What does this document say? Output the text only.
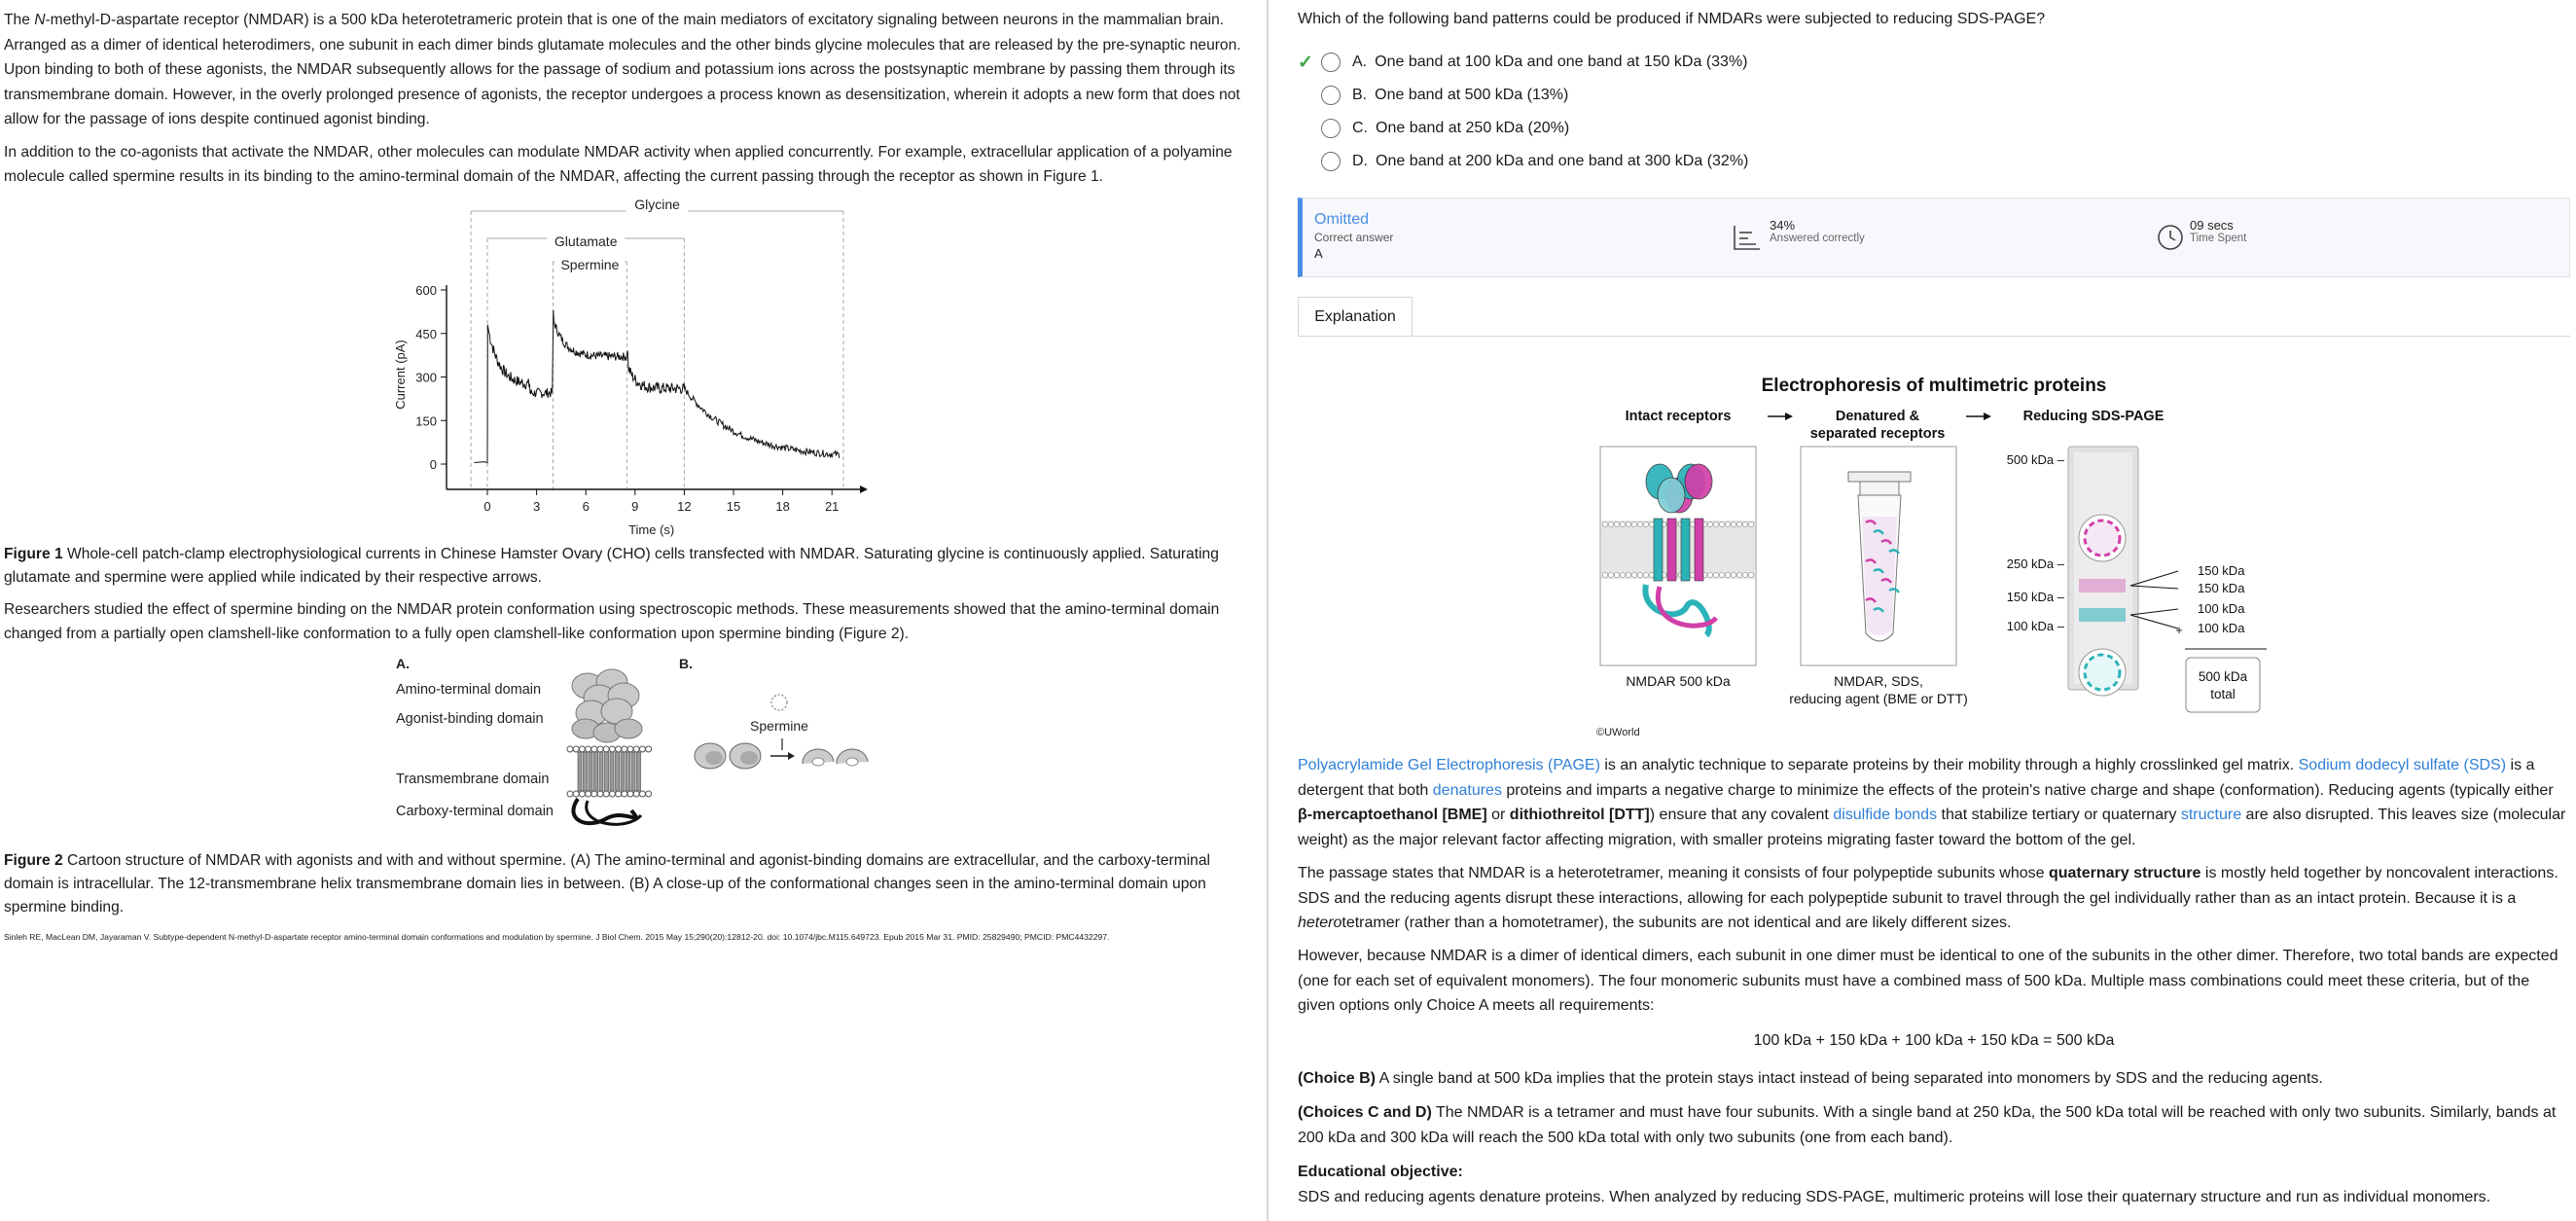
The N-methyl-D-aspartate receptor (NMDAR) is a 500 kDa heterotetrameric protein that is one of the main mediators of excitatory signaling between neurons in the mammalian brain. Arranged as a dimer of identical heterodimers, one subunit in each dimer binds glutamate molecules and the other binds glycine molecules that are released by the pre-synaptic neuron. Upon binding to both of these agonists, the NMDAR subsequently allows for the passage of sodium and potassium ions across the postsynaptic membrane by passing them through its transmembrane domain. However, in the overly prolonged presence of agonists, the receptor undergoes a process known as desensitization, wherein it adopts a new form that does not allow for the passage of ions despite continued agonist binding.

In addition to the co-agonists that activate the NMDAR, other molecules can modulate NMDAR activity when applied concurrently. For example, extracellular application of a polyamine molecule called spermine results in its binding to the amino-terminal domain of the NMDAR, affecting the current passing through the receptor as shown in Figure 1.

Glycine
Glutamate
Spermine
0	3	6	9	12	15	18	21
0
150
300
450
600
Time (s)
Current (pA)

Figure 1 Whole-cell patch-clamp electrophysiological currents in Chinese Hamster Ovary (CHO) cells transfected with NMDAR. Saturating glycine is continuously applied. Saturating glutamate and spermine were applied while indicated by their respective arrows.

Researchers studied the effect of spermine binding on the NMDAR protein conformation using spectroscopic methods. These measurements showed that the amino-terminal domain changed from a partially open clamshell-like conformation to a fully open clamshell-like conformation upon spermine binding (Figure 2).

A.	B.
Amino-terminal domain
Agonist-binding domain
Transmembrane domain
Carboxy-terminal domain
Spermine

Figure 2 Cartoon structure of NMDAR with agonists and with and without spermine. (A) The amino-terminal and agonist-binding domains are extracellular, and the carboxy-terminal domain is intracellular. The 12-transmembrane helix transmembrane domain lies in between. (B) A close-up of the conformational changes seen in the amino-terminal domain upon spermine binding.

Sinleh RE, MacLean DM, Jayaraman V. Subtype-dependent N-methyl-D-aspartate receptor amino-terminal domain conformations and modulation by spermine. J Biol Chem. 2015 May 15;290(20):12812-20. doi: 10.1074/jbc.M115.649723. Epub 2015 Mar 31. PMID: 25829490; PMCID: PMC4432297.

Which of the following band patterns could be produced if NMDARs were subjected to reducing SDS-PAGE?
✓	A. One band at 100 kDa and one band at 150 kDa (33%)
B. One band at 500 kDa (13%)
C. One band at 250 kDa (20%)
D. One band at 200 kDa and one band at 300 kDa (32%)
Omitted
Correct answer
A
34%
Answered correctly
09 secs
Time Spent
Explanation
Electrophoresis of multimetric proteins
Intact receptors	Denatured &
separated receptors
Reducing SDS-PAGE
NMDAR 500 kDa	NMDAR, SDS,
reducing agent (BME or DTT)
500 kDa –
250 kDa –
150 kDa –
100 kDa –
150 kDa
150 kDa
100 kDa
100 kDa
+
500 kDa
total
©UWorld
Polyacrylamide Gel Electrophoresis (PAGE) is an analytic technique to separate proteins by their mobility through a highly crosslinked gel matrix. Sodium dodecyl sulfate (SDS) is a detergent that both denatures proteins and imparts a negative charge to minimize the effects of the protein's native charge and shape (conformation). Reducing agents (typically either β-mercaptoethanol [BME] or dithiothreitol [DTT]) ensure that any covalent disulfide bonds that stabilize tertiary or quaternary structure are also disrupted. This leaves size (molecular weight) as the major relevant factor affecting migration, with smaller proteins migrating faster toward the bottom of the gel.
The passage states that NMDAR is a heterotetramer, meaning it consists of four polypeptide subunits whose quaternary structure is mostly held together by noncovalent interactions. SDS and the reducing agents disrupt these interactions, allowing for each polypeptide subunit to travel through the gel individually rather than as an intact protein. Because it is a heterotetramer (rather than a homotetramer), the subunits are not identical and are likely different sizes.
However, because NMDAR is a dimer of identical dimers, each subunit in one dimer must be identical to one of the subunits in the other dimer. Therefore, two total bands are expected (one for each set of equivalent monomers). The four monomeric subunits must have a combined mass of 500 kDa. Multiple mass combinations could meet these criteria, but of the given options only Choice A meets all requirements:
100 kDa + 150 kDa + 100 kDa + 150 kDa = 500 kDa
(Choice B) A single band at 500 kDa implies that the protein stays intact instead of being separated into monomers by SDS and the reducing agents.
(Choices C and D) The NMDAR is a tetramer and must have four subunits. With a single band at 250 kDa, the 500 kDa total will be reached with only two subunits. Similarly, bands at 200 kDa and 300 kDa will reach the 500 kDa total with only two subunits (one from each band).
Educational objective:
SDS and reducing agents denature proteins. When analyzed by reducing SDS-PAGE, multimeric proteins will lose their quaternary structure and run as individual monomers.
